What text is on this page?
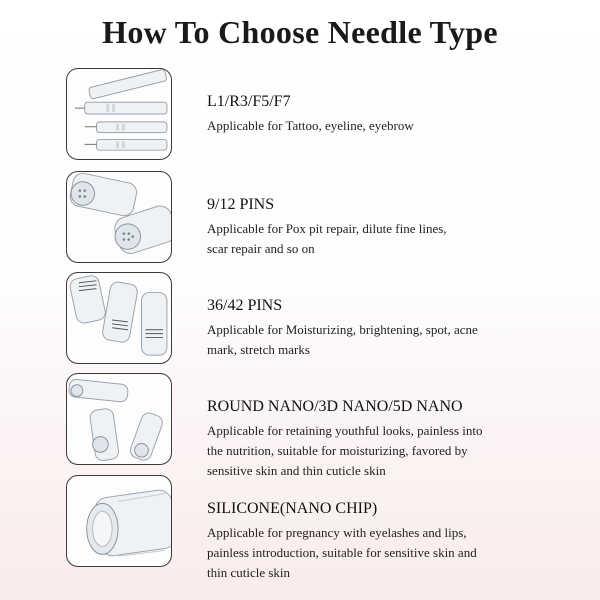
How To Choose Needle Type
L1/R3/F5/F7
Applicable for Tattoo, eyeline, eyebrow
9/12 PINS
Applicable for Pox pit repair, dilute fine lines,
scar repair and so on
36/42 PINS
Applicable for Moisturizing, brightening, spot, acne
mark, stretch marks
ROUND NANO/3D NANO/5D NANO
Applicable for retaining youthful looks, painless into
the nutrition, suitable for moisturizing, favored by
sensitive skin and thin cuticle skin
SILICONE(NANO CHIP)
Applicable for pregnancy with eyelashes and lips,
painless introduction, suitable for sensitive skin and
thin cuticle skin
